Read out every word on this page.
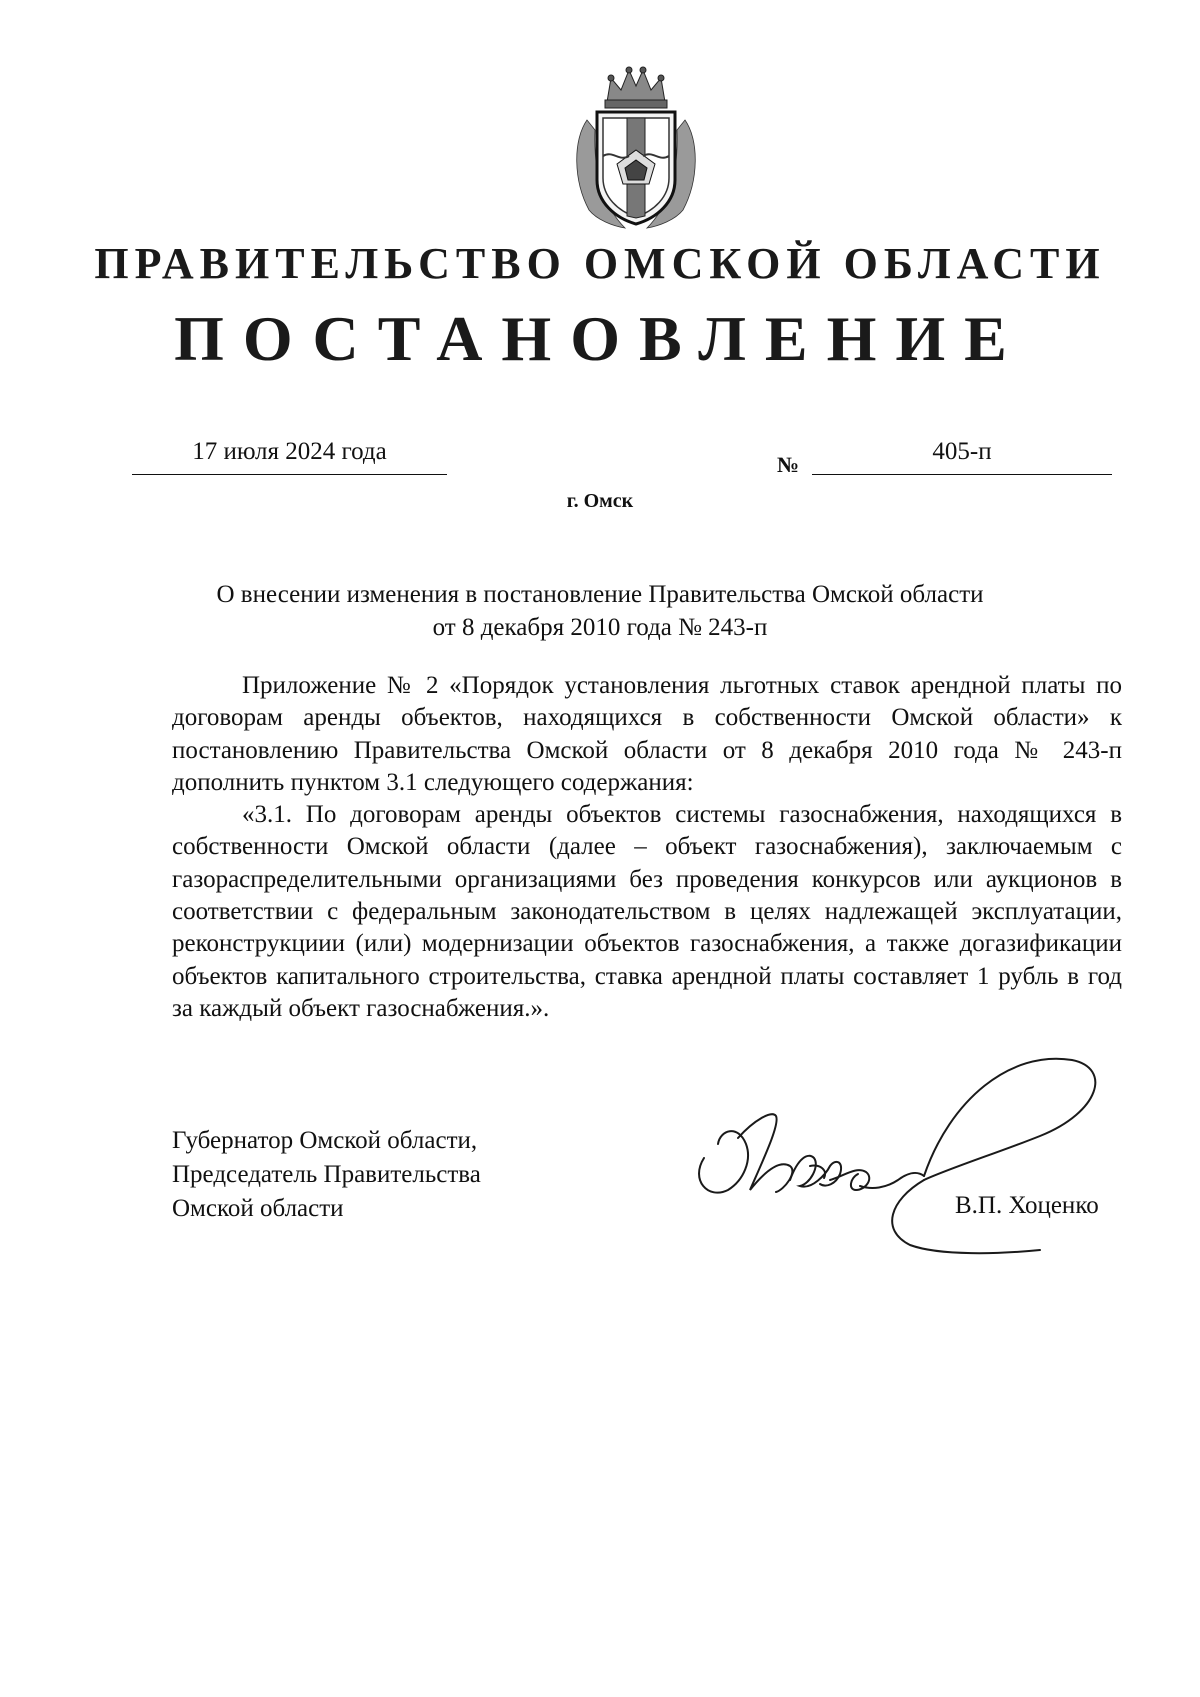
ПРАВИТЕЛЬСТВО ОМСКОЙ ОБЛАСТИ
ПОСТАНОВЛЕНИЕ
17 июля 2024 года	№	405-п
г. Омск
О внесении изменения в постановление Правительства Омской области
от 8 декабря 2010 года № 243-п

Приложение № 2 «Порядок установления льготных ставок арендной платы по договорам аренды объектов, находящихся в собственности Омской области» к постановлению Правительства Омской области от 8 декабря 2010 года № 243-п дополнить пунктом 3.1 следующего содержания:

«3.1. По договорам аренды объектов системы газоснабжения, находящихся в собственности Омской области (далее – объект газоснабжения), заключаемым с газораспределительными организациями без проведения конкурсов или аукционов в соответствии с федеральным законодательством в целях надлежащей эксплуатации, реконструкциии (или) модернизации объектов газоснабжения, а также догазификации объектов капитального строительства, ставка арендной платы составляет 1 рубль в год за каждый объект газоснабжения.».

Губернатор Омской области,
Председатель Правительства
Омской области	В.П. Хоценко
